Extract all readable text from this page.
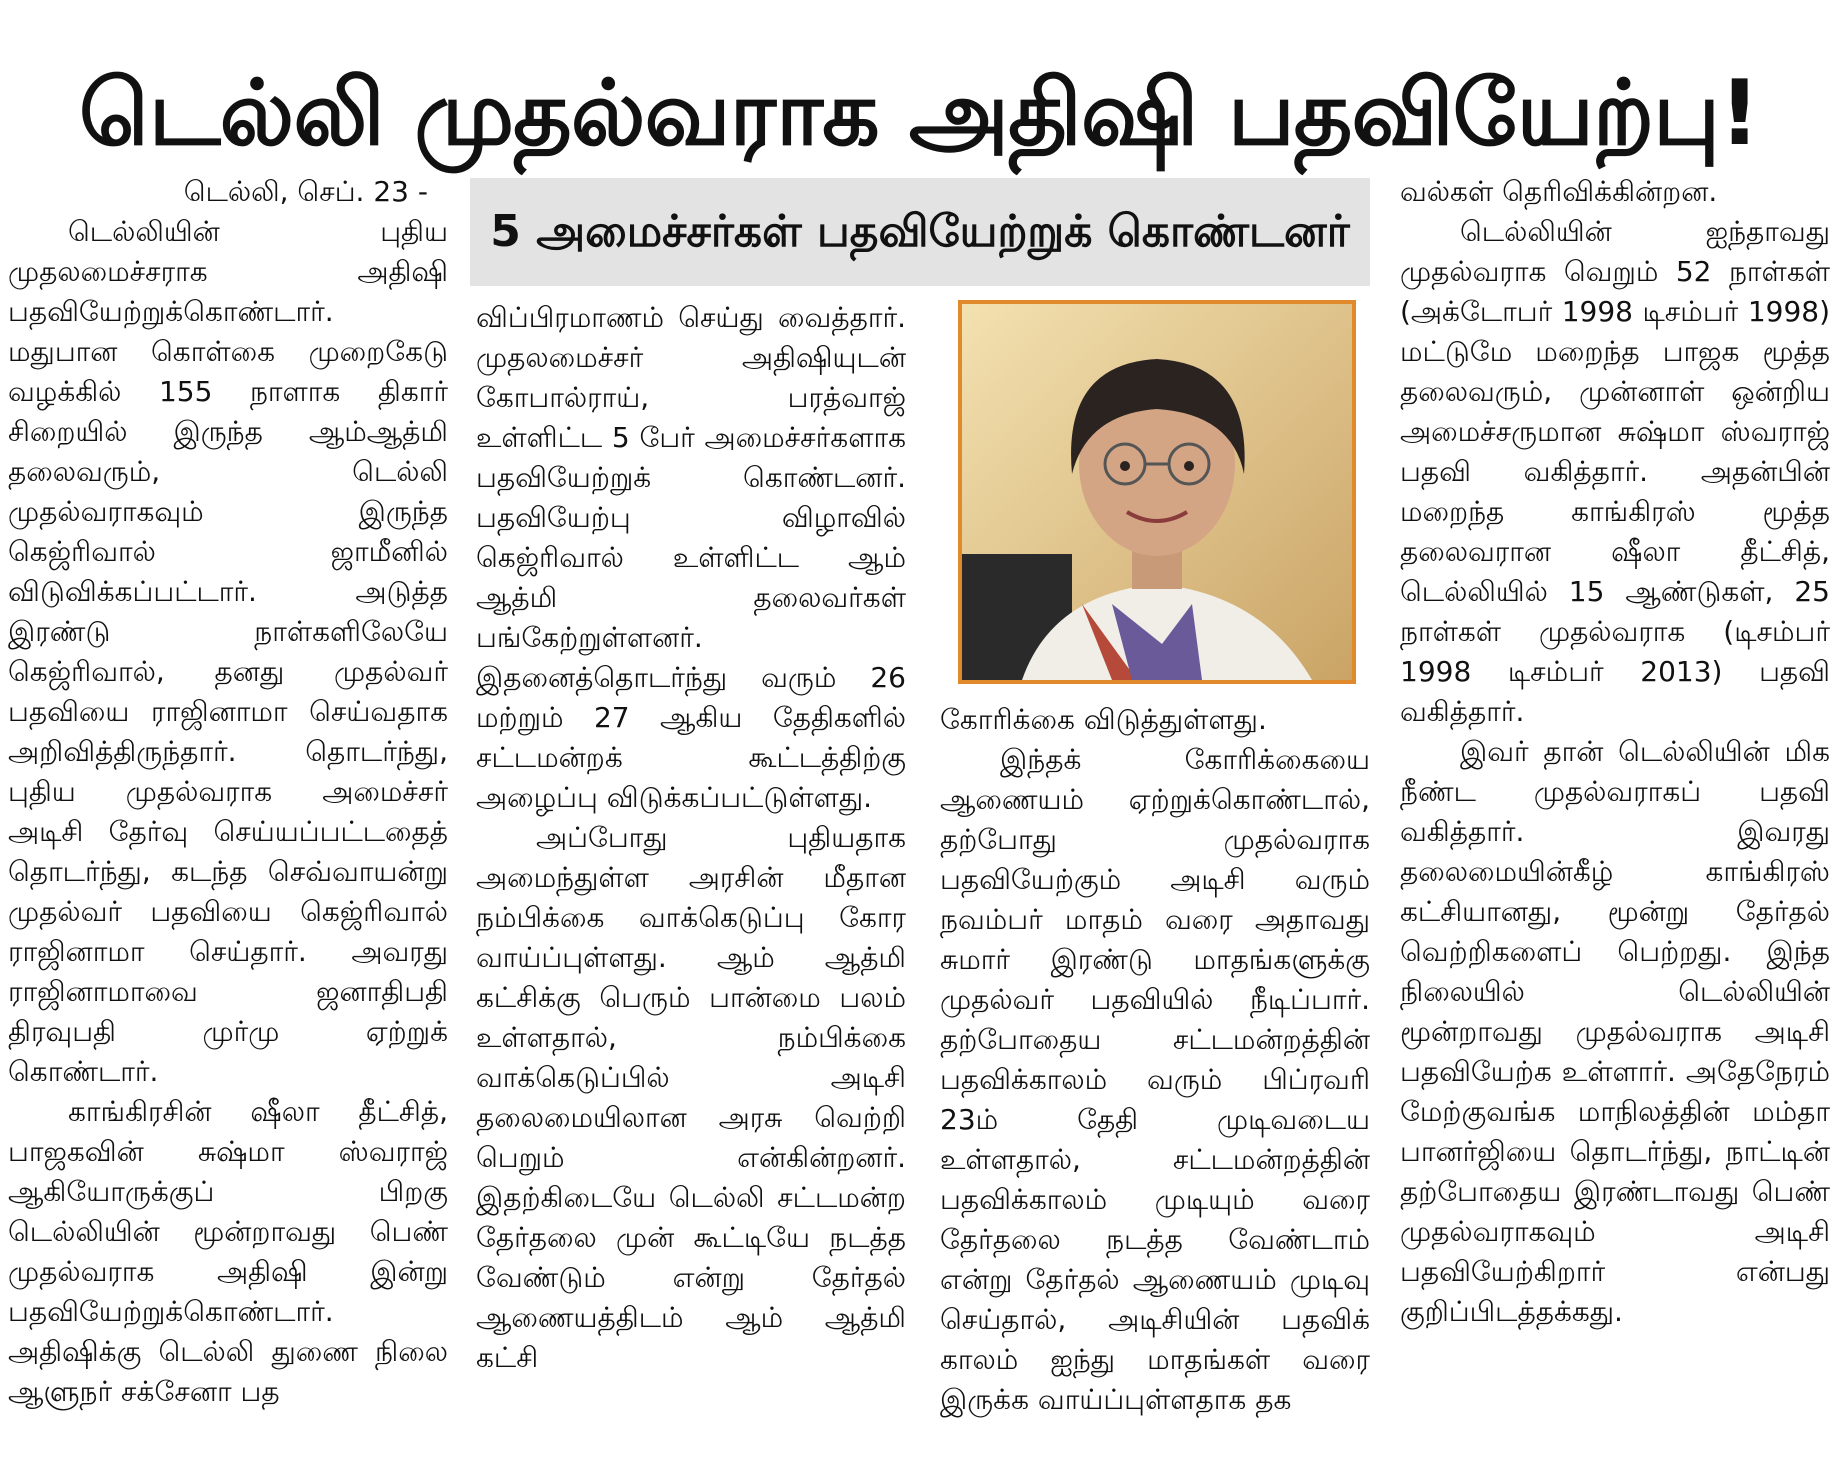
டெல்லி முதல்வராக அதிஷி பதவியேற்பு!

டெல்லி, செப். 23 -

டெல்லியின் புதிய முதலமைச்சராக அதிஷி பதவியேற்றுக்கொண்டார். மதுபான கொள்கை முறைகேடு வழக்கில் 155 நாளாக திகார் சிறையில் இருந்த ஆம்ஆத்மி தலைவரும், டெல்லி முதல்வராகவும் இருந்த கெஜ்ரிவால் ஜாமீனில் விடுவிக்கப்பட்டார். அடுத்த இரண்டு நாள்களிலேயே கெஜ்ரிவால், தனது முதல்வர் பதவியை ராஜினாமா செய்வதாக அறிவித்திருந்தார். தொடர்ந்து, புதிய முதல்வராக அமைச்சர் அடிசி தேர்வு செய்யப்பட்டதைத் தொடர்ந்து, கடந்த செவ்வாயன்று முதல்வர் பதவியை கெஜ்ரிவால் ராஜினாமா செய்தார். அவரது ராஜினாமாவை ஜனாதிபதி திரவுபதி முர்மு ஏற்றுக் கொண்டார்.

காங்கிரசின் ஷீலா தீட்சித், பாஜகவின் சுஷ்மா ஸ்வராஜ் ஆகியோருக்குப் பிறகு டெல்லியின் மூன்றாவது பெண் முதல்வராக அதிஷி இன்று பதவியேற்றுக்கொண்டார். அதிஷிக்கு டெல்லி துணை நிலை ஆளுநர் சக்சேனா பத

5 அமைச்சர்கள் பதவியேற்றுக் கொண்டனர்

விப்பிரமாணம் செய்து வைத்தார். முதலமைச்சர் அதிஷியுடன் கோபால்ராய், பரத்வாஜ் உள்ளிட்ட 5 பேர் அமைச்சர்களாக பதவியேற்றுக் கொண்டனர். பதவியேற்பு விழாவில் கெஜ்ரிவால் உள்ளிட்ட ஆம் ஆத்மி தலைவர்கள் பங்கேற்றுள்ளனர். இதனைத்தொடர்ந்து வரும் 26 மற்றும் 27 ஆகிய தேதிகளில் சட்டமன்றக் கூட்டத்திற்கு அழைப்பு விடுக்கப்பட்டுள்ளது.

அப்போது புதியதாக அமைந்துள்ள அரசின் மீதான நம்பிக்கை வாக்கெடுப்பு கோர வாய்ப்புள்ளது. ஆம் ஆத்மி கட்சிக்கு பெரும் பான்மை பலம் உள்ளதால், நம்பிக்கை வாக்கெடுப்பில் அடிசி தலைமையிலான அரசு வெற்றி பெறும் என்கின்றனர். இதற்கிடையே டெல்லி சட்டமன்ற தேர்தலை முன் கூட்டியே நடத்த வேண்டும் என்று தேர்தல் ஆணையத்திடம் ஆம் ஆத்மி கட்சி

கோரிக்கை விடுத்துள்ளது.

இந்தக் கோரிக்கையை ஆணையம் ஏற்றுக்கொண்டால், தற்போது முதல்வராக பதவியேற்கும் அடிசி வரும் நவம்பர் மாதம் வரை அதாவது சுமார் இரண்டு மாதங்களுக்கு முதல்வர் பதவியில் நீடிப்பார். தற்போதைய சட்டமன்றத்தின் பதவிக்காலம் வரும் பிப்ரவரி 23ம் தேதி முடிவடைய உள்ளதால், சட்டமன்றத்தின் பதவிக்காலம் முடியும் வரை தேர்தலை நடத்த வேண்டாம் என்று தேர்தல் ஆணையம் முடிவு செய்தால், அடிசியின் பதவிக் காலம் ஐந்து மாதங்கள் வரை இருக்க வாய்ப்புள்ளதாக தக

வல்கள் தெரிவிக்கின்றன.

டெல்லியின் ஐந்தாவது முதல்வராக வெறும் 52 நாள்கள் (அக்டோபர் 1998 டிசம்பர் 1998) மட்டுமே மறைந்த பாஜக மூத்த தலைவரும், முன்னாள் ஒன்றிய அமைச்சருமான சுஷ்மா ஸ்வராஜ் பதவி வகித்தார். அதன்பின் மறைந்த காங்கிரஸ் மூத்த தலைவரான ஷீலா தீட்சித், டெல்லியில் 15 ஆண்டுகள், 25 நாள்கள் முதல்வராக (டிசம்பர் 1998 டிசம்பர் 2013) பதவி வகித்தார்.

இவர் தான் டெல்லியின் மிக நீண்ட முதல்வராகப் பதவி வகித்தார். இவரது தலைமையின்கீழ் காங்கிரஸ் கட்சியானது, மூன்று தேர்தல் வெற்றிகளைப் பெற்றது. இந்த நிலையில் டெல்லியின் மூன்றாவது முதல்வராக அடிசி பதவியேற்க உள்ளார். அதேநேரம் மேற்குவங்க மாநிலத்தின் மம்தா பானர்ஜியை தொடர்ந்து, நாட்டின் தற்போதைய இரண்டாவது பெண் முதல்வராகவும் அடிசி பதவியேற்கிறார் என்பது குறிப்பிடத்தக்கது.
